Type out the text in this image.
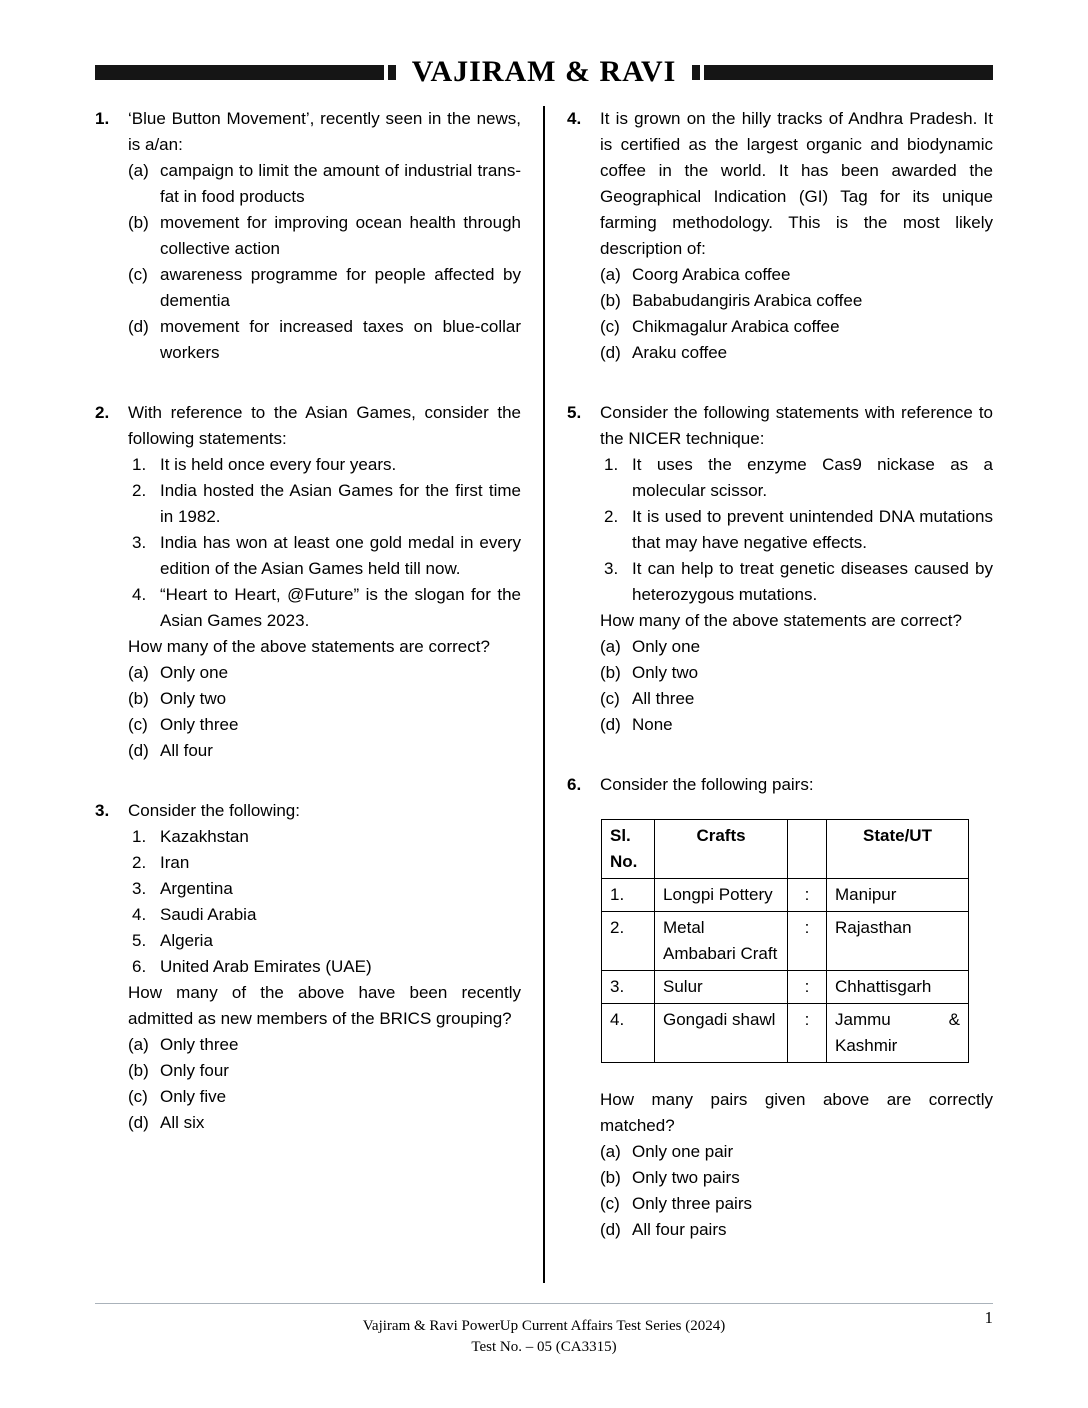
VAJIRAM & RAVI
1.	‘Blue Button Movement’, recently seen in the news, is a/an:
(a) campaign to limit the amount of industrial trans-fat in food products
(b) movement for improving ocean health through collective action
(c) awareness programme for people affected by dementia
(d) movement for increased taxes on blue-collar workers
2.	With reference to the Asian Games, consider the following statements:
1. It is held once every four years.
2. India hosted the Asian Games for the first time in 1982.
3. India has won at least one gold medal in every edition of the Asian Games held till now.
4. “Heart to Heart, @Future” is the slogan for the Asian Games 2023.
How many of the above statements are correct?
(a) Only one
(b) Only two
(c) Only three
(d) All four
3.	Consider the following:
1. Kazakhstan
2. Iran
3. Argentina
4. Saudi Arabia
5. Algeria
6. United Arab Emirates (UAE)
How many of the above have been recently admitted as new members of the BRICS grouping?
(a) Only three
(b) Only four
(c) Only five
(d) All six
4.	It is grown on the hilly tracks of Andhra Pradesh. It is certified as the largest organic and biodynamic coffee in the world. It has been awarded the Geographical Indication (GI) Tag for its unique farming methodology. This is the most likely description of:
(a) Coorg Arabica coffee
(b) Bababudangiris Arabica coffee
(c) Chikmagalur Arabica coffee
(d) Araku coffee
5.	Consider the following statements with reference to the NICER technique:
1. It uses the enzyme Cas9 nickase as a molecular scissor.
2. It is used to prevent unintended DNA mutations that may have negative effects.
3. It can help to treat genetic diseases caused by heterozygous mutations.
How many of the above statements are correct?
(a) Only one
(b) Only two
(c) All three
(d) None
6.	Consider the following pairs:
Sl. No.	Crafts		State/UT
1.	Longpi Pottery	:	Manipur
2.	Metal Ambabari Craft	:	Rajasthan
3.	Sulur	:	Chhattisgarh
4.	Gongadi shawl	:	Jammu & Kashmir
How many pairs given above are correctly matched?
(a) Only one pair
(b) Only two pairs
(c) Only three pairs
(d) All four pairs
1
Vajiram & Ravi PowerUp Current Affairs Test Series (2024)
Test No. – 05 (CA3315)
